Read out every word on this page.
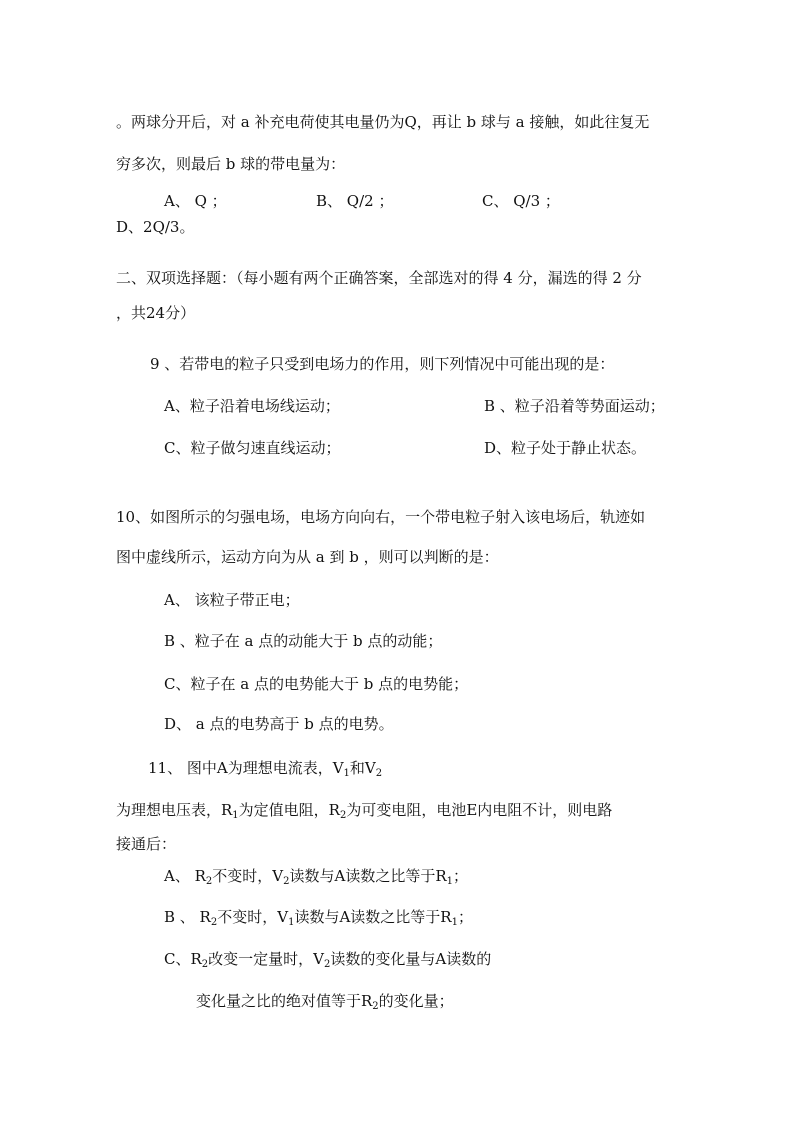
。两球分开后，对 a 补充电荷使其电量仍为Q，再让 b 球与 a 接触，如此往复无
穷多次，则最后 b 球的带电量为：
A、 Q ；	B、 Q/2 ；	C、 Q/3 ；
D、2Q/3。
二、双项选择题：（每小题有两个正确答案，全部选对的得 4 分，漏选的得 2 分
，共24分）
9 、若带电的粒子只受到电场力的作用，则下列情况中可能出现的是：
A、粒子沿着电场线运动；	B 、粒子沿着等势面运动；
C、粒子做匀速直线运动；	D、粒子处于静止状态。
10、如图所示的匀强电场，电场方向向右，一个带电粒子射入该电场后，轨迹如
图中虚线所示，运动方向为从 a 到 b ，则可以判断的是：
A、 该粒子带正电；
B 、粒子在 a 点的动能大于 b 点的动能；
C、粒子在 a 点的电势能大于 b 点的电势能；
D、 a 点的电势高于 b 点的电势。
11、 图中A为理想电流表，$V_1$和$V_2$
为理想电压表，$R_1$为定值电阻，$R_2$为可变电阻，电池E内电阻不计，则电路
接通后：
A、 $R_2$不变时，$V_2$读数与A读数之比等于$R_1$；
B 、 $R_2$不变时，$V_1$读数与A读数之比等于$R_1$；
C、$R_2$改变一定量时，$V_2$读数的变化量与A读数的
变化量之比的绝对值等于$R_2$的变化量；
